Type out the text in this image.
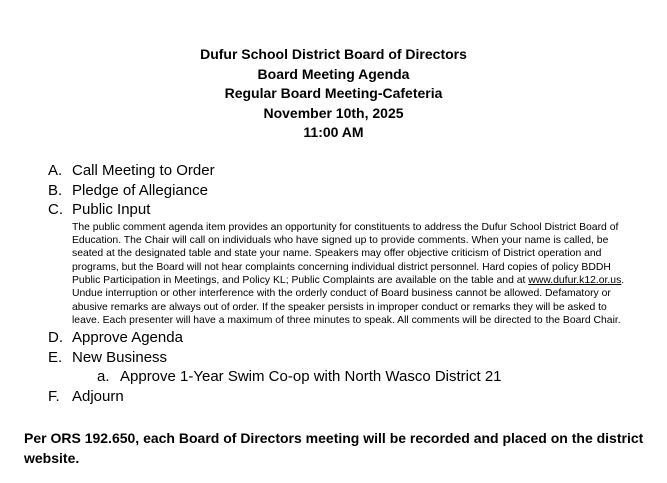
Dufur School District Board of Directors
Board Meeting Agenda
Regular Board Meeting-Cafeteria
November 10th, 2025
11:00 AM
A. Call Meeting to Order
B. Pledge of Allegiance
C. Public Input
The public comment agenda item provides an opportunity for constituents to address the Dufur School District Board of
Education. The Chair will call on individuals who have signed up to provide comments. When your name is called, be
seated at the designated table and state your name. Speakers may offer objective criticism of District operation and
programs, but the Board will not hear complaints concerning individual district personnel. Hard copies of policy BDDH
Public Participation in Meetings, and Policy KL; Public Complaints are available on the table and at www.dufur.k12.or.us.
Undue interruption or other interference with the orderly conduct of Board business cannot be allowed. Defamatory or
abusive remarks are always out of order. If the speaker persists in improper conduct or remarks they will be asked to
leave. Each presenter will have a maximum of three minutes to speak. All comments will be directed to the Board Chair.
D. Approve Agenda
E. New Business
a. Approve 1-Year Swim Co-op with North Wasco District 21
F. Adjourn
Per ORS 192.650, each Board of Directors meeting will be recorded and placed on the district website.
